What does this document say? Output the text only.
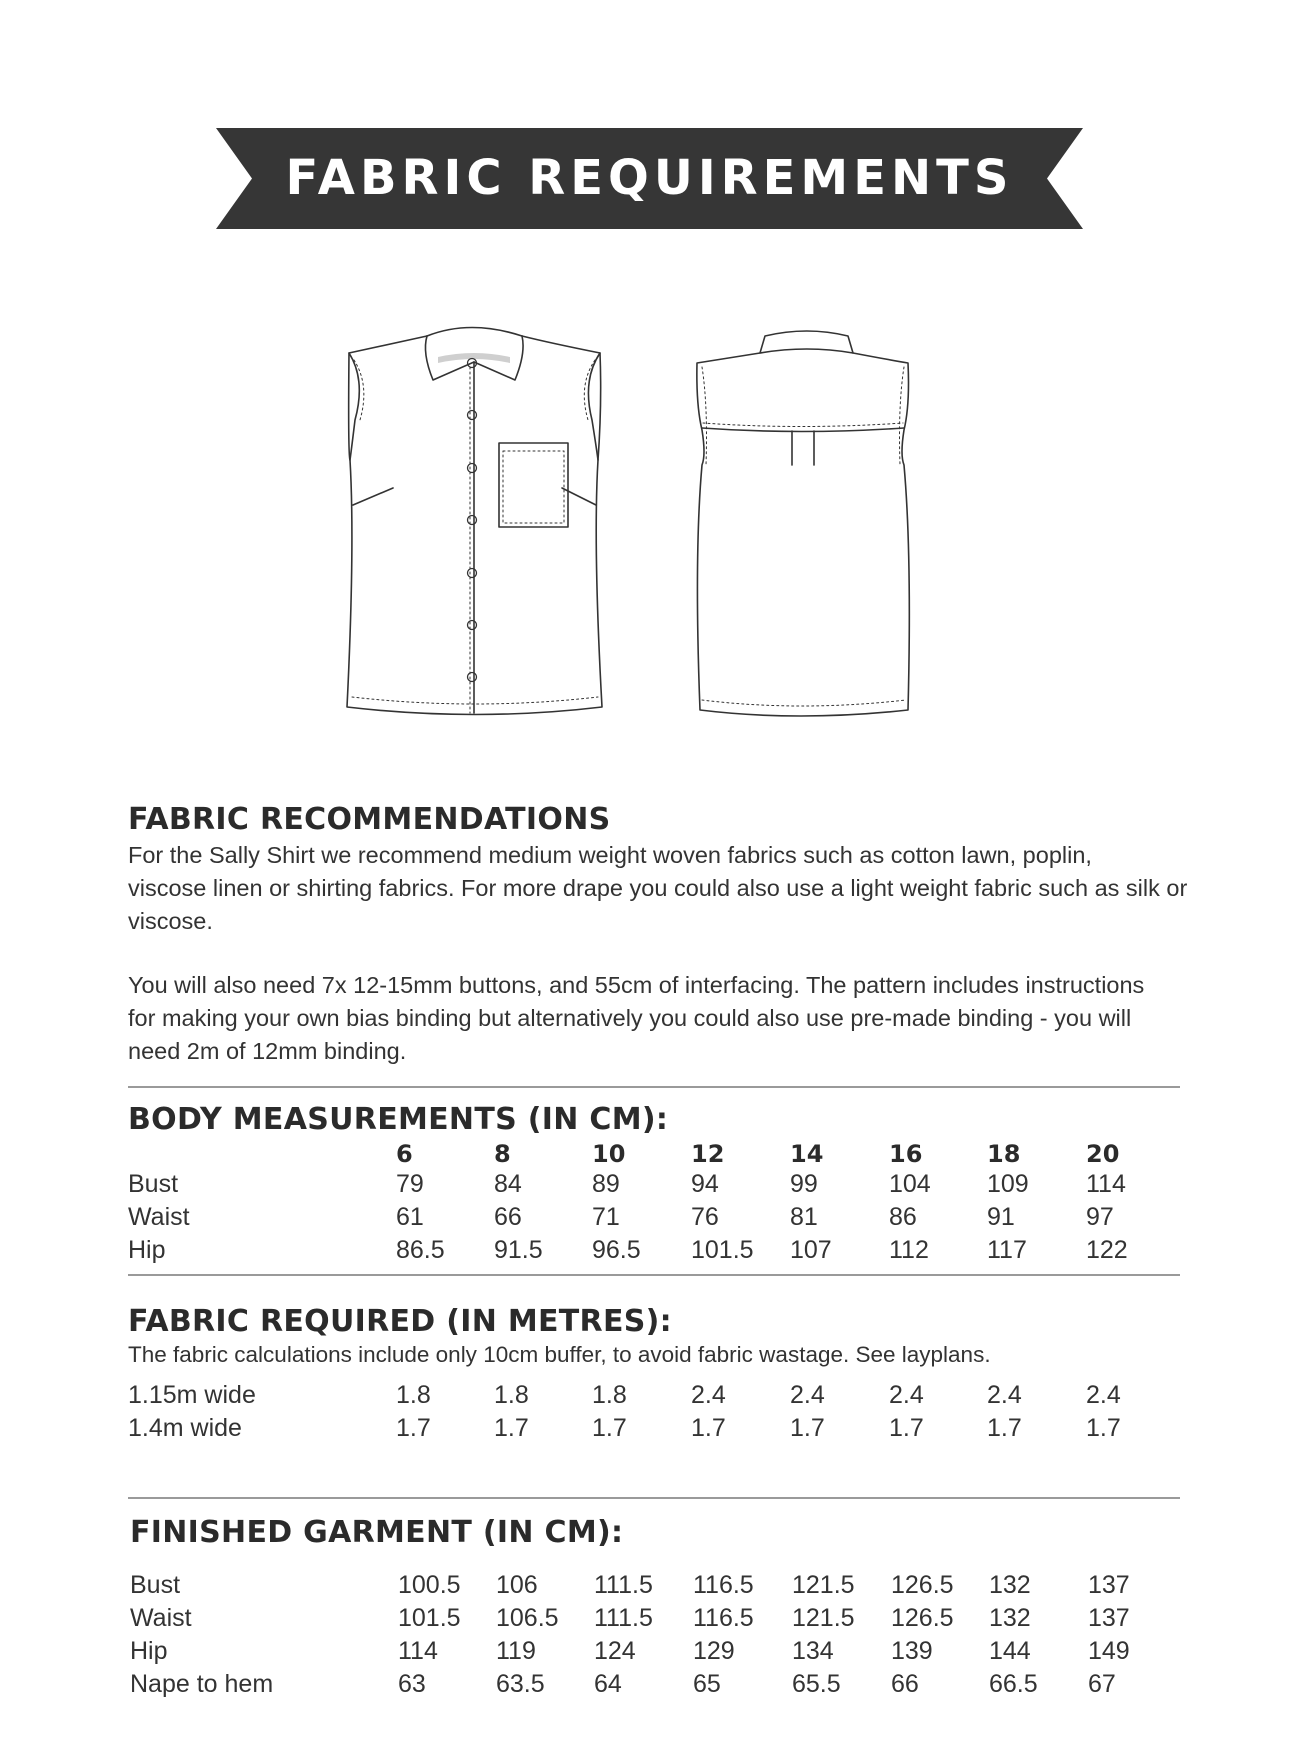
FABRIC REQUIREMENTS
FABRIC RECOMMENDATIONS
For the Sally Shirt we recommend medium weight woven fabrics such as cotton lawn, poplin,
viscose linen or shirting fabrics. For more drape you could also use a light weight fabric such as silk or
viscose.
You will also need 7x 12-15mm buttons, and 55cm of interfacing. The pattern includes instructions
for making your own bias binding but alternatively you could also use pre-made binding - you will
need 2m of 12mm binding.
BODY MEASUREMENTS (IN CM):
6	8	10	12	14	16	18	20
Bust	79	84	89	94	99	104 109 114
Waist	61	66	71	76	81	86	91	97
Hip	86.5 91.5 96.5 101.5 107 112 117 122
FABRIC REQUIRED (IN METRES):
The fabric calculations include only 10cm buffer, to avoid fabric wastage. See layplans.
1.15m wide	1.8	1.8	1.8	2.4	2.4	2.4	2.4	2.4
1.4m wide	1.7	1.7	1.7	1.7	1.7	1.7	1.7	1.7
FINISHED GARMENT (IN CM):
Bust	100.5 106 111.5 116.5 121.5 126.5 132 137
Waist	101.5 106.5 111.5 116.5 121.5 126.5 132 137
Hip	114 119 124 129 134 139 144 149
Nape to hem	63	63.5 64	65	65.5 66	66.5 67
